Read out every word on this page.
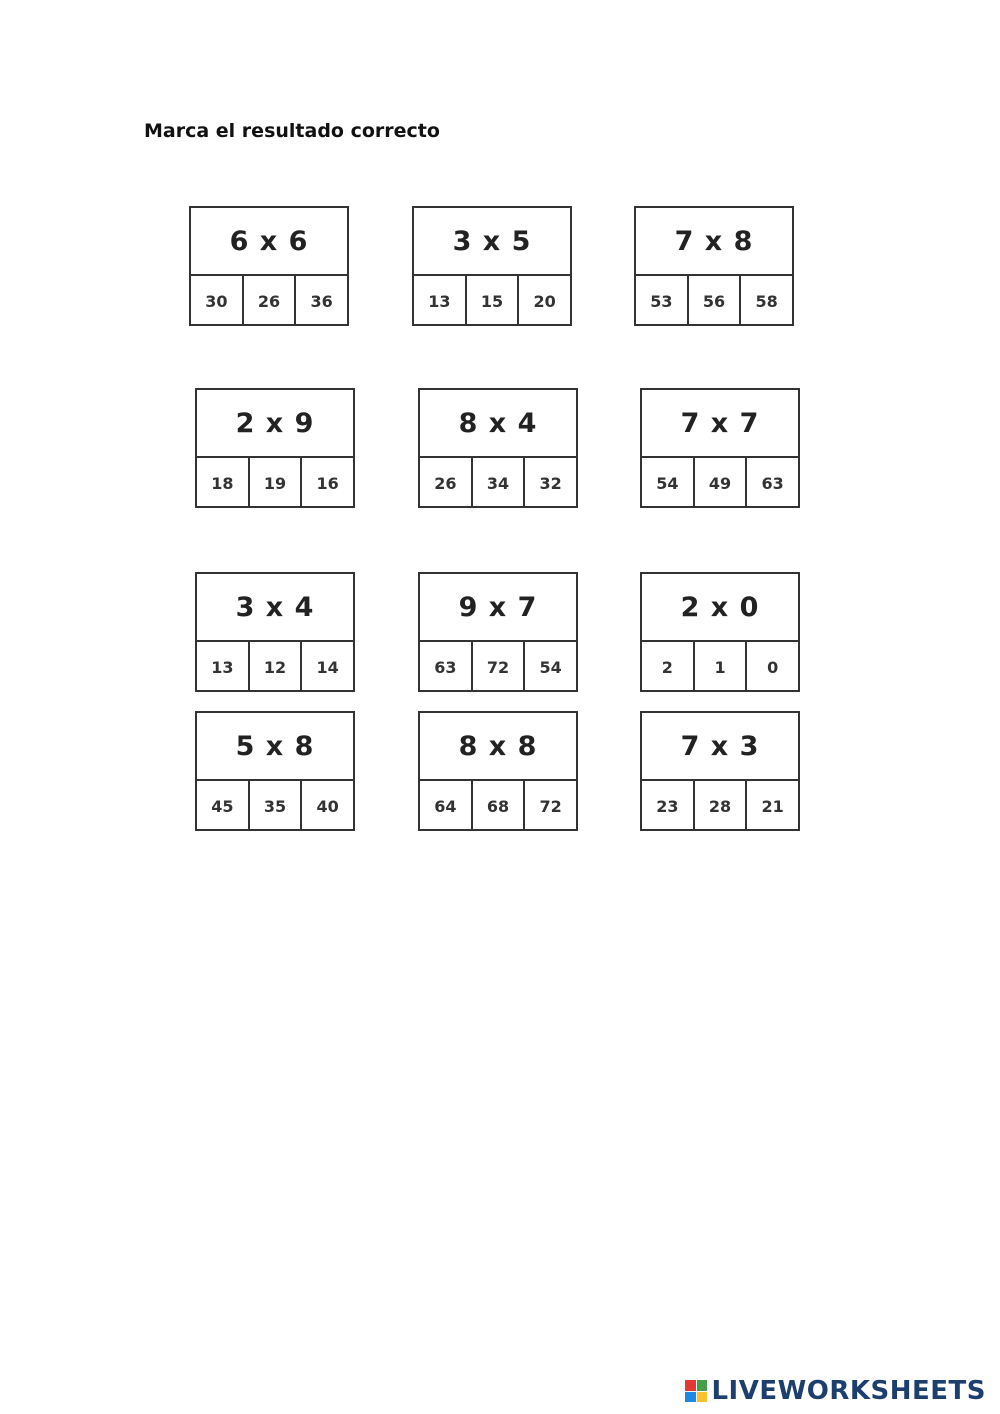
Marca el resultado correcto
6 x 6
30	26	36
3 x 5
13	15	20
7 x 8
53	56	58
2 x 9
18	19	16
8 x 4
26	34	32
7 x 7
54	49	63
3 x 4
13	12	14
9 x 7
63	72	54
2 x 0
2	1	0
5 x 8
45	35	40
8 x 8
64	68	72
7 x 3
23	28	21
LIVEWORKSHEETS
